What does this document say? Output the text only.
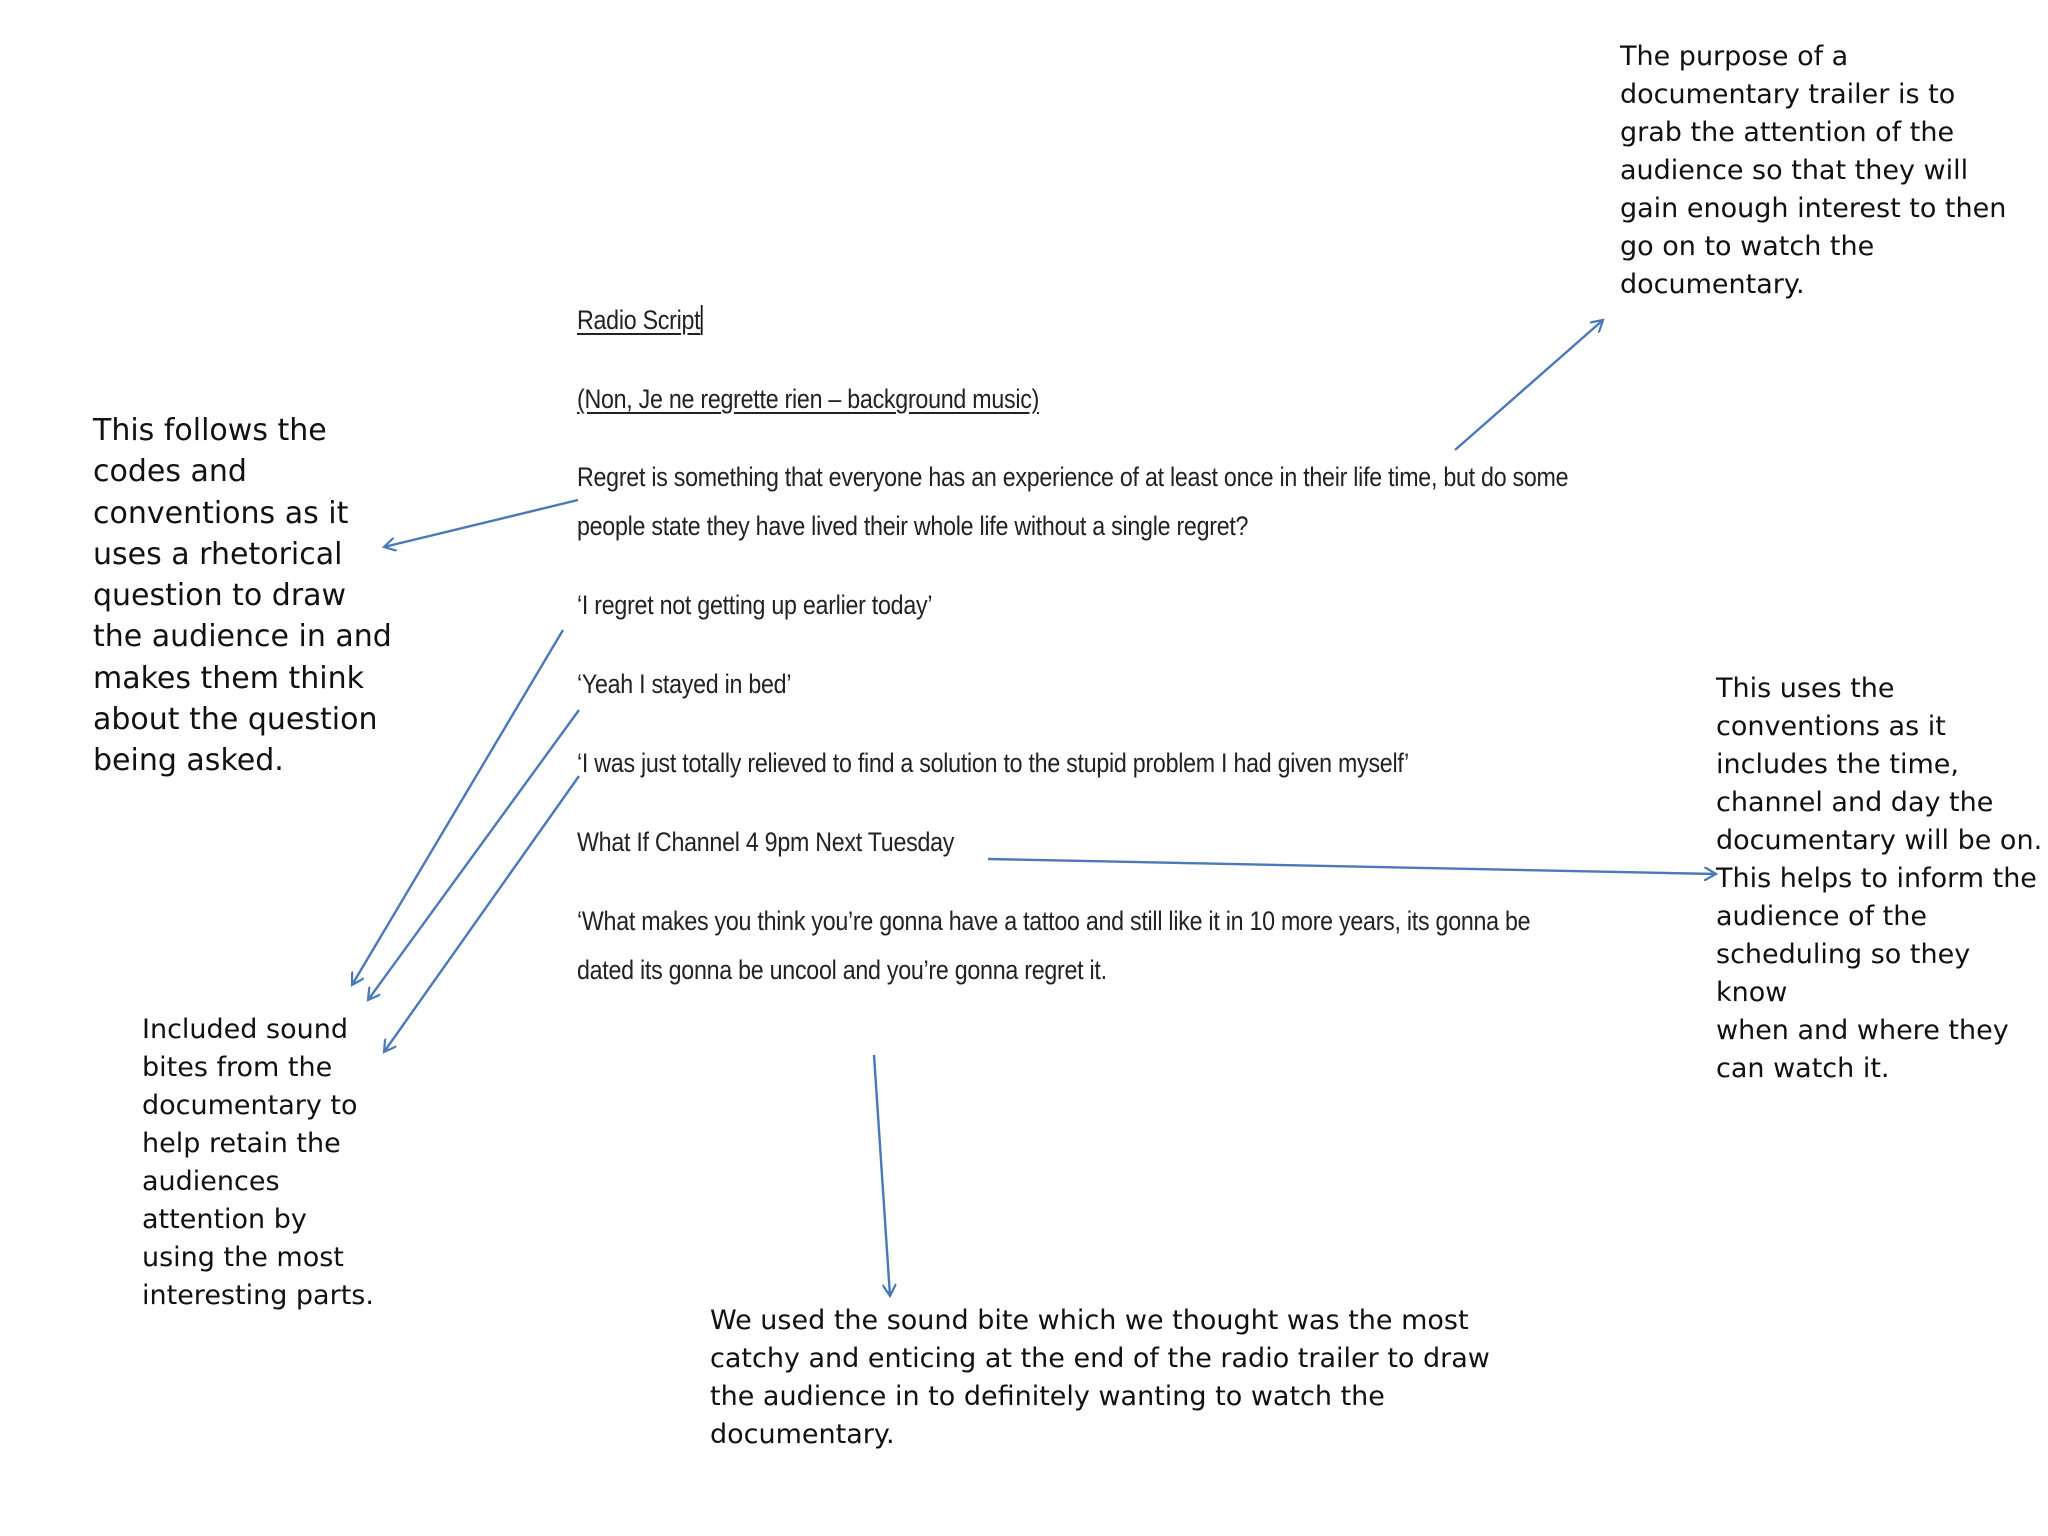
Radio Script
(Non, Je ne regrette rien – background music)
Regret is something that everyone has an experience of at least once in their life time, but do some
people state they have lived their whole life without a single regret?
‘I regret not getting up earlier today’
‘Yeah I stayed in bed’
‘I was just totally relieved to find a solution to the stupid problem I had given myself’
What If Channel 4 9pm Next Tuesday
‘What makes you think you’re gonna have a tattoo and still like it in 10 more years, its gonna be
dated its gonna be uncool and you’re gonna regret it.
The purpose of a
documentary trailer is to
grab the attention of the
audience so that they will
gain enough interest to then
go on to watch the
documentary.
This follows the
codes and
conventions as it
uses a rhetorical
question to draw
the audience in and
makes them think
about the question
being asked.
This uses the
conventions as it
includes the time,
channel and day the
documentary will be on.
This helps to inform the
audience of the
scheduling so they know
when and where they
can watch it.
Included sound
bites from the
documentary to
help retain the
audiences
attention by
using the most
interesting parts.
We used the sound bite which we thought was the most
catchy and enticing at the end of the radio trailer to draw
the audience in to definitely wanting to watch the
documentary.
